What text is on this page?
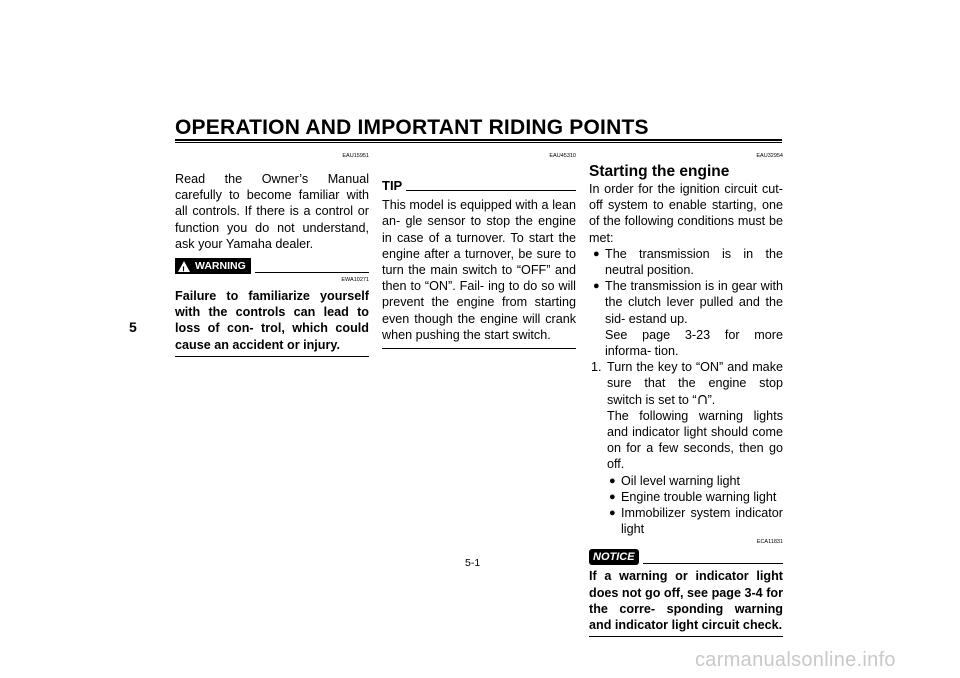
OPERATION AND IMPORTANT RIDING POINTS
5
EAU15951
Read the Owner’s Manual carefully to become familiar with all controls. If there is a control or function you do not understand, ask your Yamaha dealer.
! WARNING
EWA10271
Failure to familiarize yourself with the controls can lead to loss of con- trol, which could cause an accident or injury.
EAU45310
TIP
This model is equipped with a lean an- gle sensor to stop the engine in case of a turnover. To start the engine after a turnover, be sure to turn the main switch to “OFF” and then to “ON”. Fail- ing to do so will prevent the engine from starting even though the engine will crank when pushing the start switch.
EAU32954
Starting the engine
In order for the ignition circuit cut-off system to enable starting, one of the following conditions must be met:
● The transmission is in the neutral position.
● The transmission is in gear with the clutch lever pulled and the sid- estand up.
See page 3-23 for more informa- tion.
1. Turn the key to “ON” and make sure that the engine stop switch is set to “ ”.
The following warning lights and indicator light should come on for a few seconds, then go off.
● Oil level warning light
● Engine trouble warning light
● Immobilizer system indicator light
ECA11831
NOTICE
If a warning or indicator light does not go off, see page 3-4 for the corre- sponding warning and indicator light circuit check.
5-1
carmanualsonline.info
